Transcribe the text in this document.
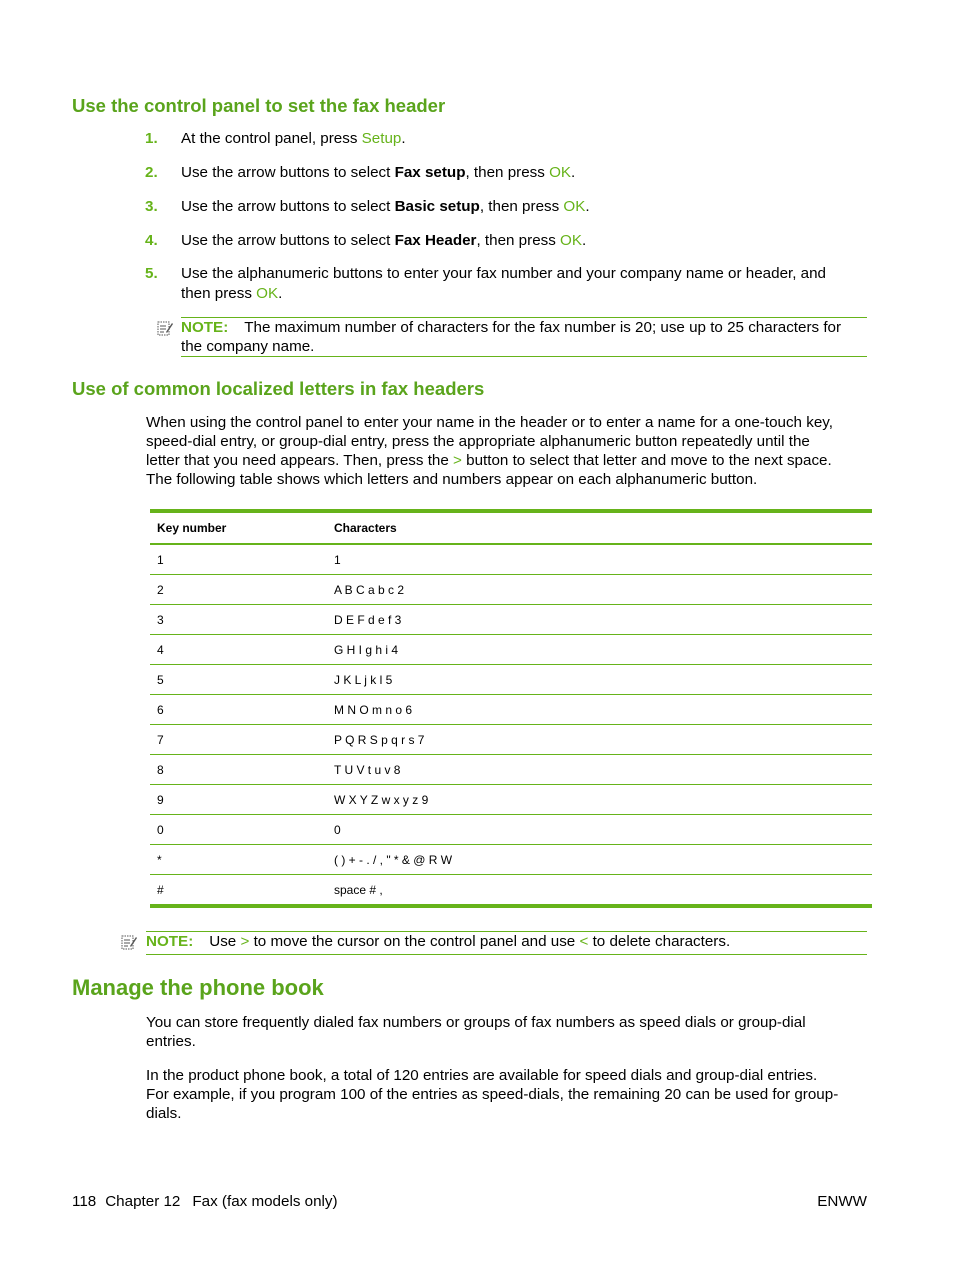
Use the control panel to set the fax header
1. At the control panel, press Setup.
2. Use the arrow buttons to select Fax setup, then press OK.
3. Use the arrow buttons to select Basic setup, then press OK.
4. Use the arrow buttons to select Fax Header, then press OK.
5. Use the alphanumeric buttons to enter your fax number and your company name or header, and
then press OK.
NOTE: The maximum number of characters for the fax number is 20; use up to 25 characters for
the company name.
Use of common localized letters in fax headers
When using the control panel to enter your name in the header or to enter a name for a one-touch key,
speed-dial entry, or group-dial entry, press the appropriate alphanumeric button repeatedly until the
letter that you need appears. Then, press the > button to select that letter and move to the next space.
The following table shows which letters and numbers appear on each alphanumeric button.
Key number	Characters
1	1
2	A B C a b c 2
3	D E F d e f 3
4	G H I g h i 4
5	J K L j k l 5
6	M N O m n o 6
7	P Q R S p q r s 7
8	T U V t u v 8
9	W X Y Z w x y z 9
0	0
*	( ) + - . / , " * & @ R W
#	space # ,
NOTE: Use > to move the cursor on the control panel and use < to delete characters.
Manage the phone book
You can store frequently dialed fax numbers or groups of fax numbers as speed dials or group-dial
entries.
In the product phone book, a total of 120 entries are available for speed dials and group-dial entries.
For example, if you program 100 of the entries as speed-dials, the remaining 20 can be used for group-
dials.
118 Chapter 12 Fax (fax models only)	ENWW
